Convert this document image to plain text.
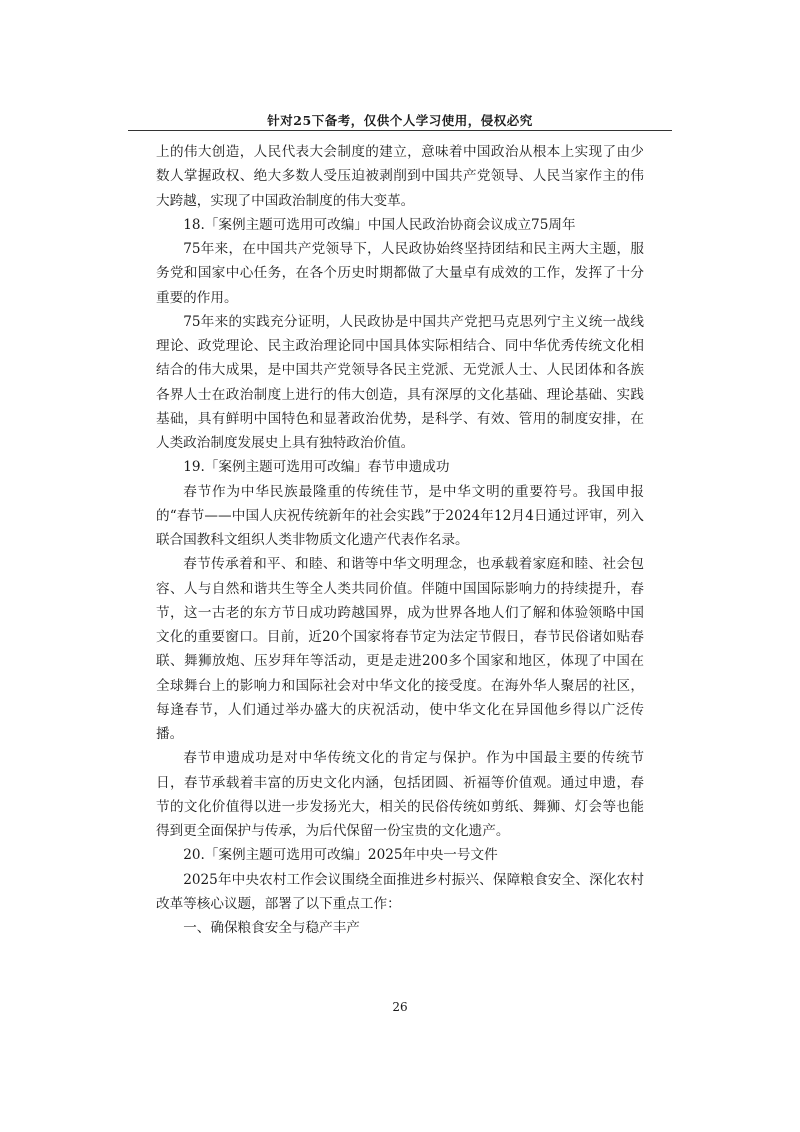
针对25下备考，仅供个人学习使用，侵权必究

上的伟大创造，人民代表大会制度的建立，意味着中国政治从根本上实现了由少数人掌握政权、绝大多数人受压迫被剥削到中国共产党领导、人民当家作主的伟大跨越，实现了中国政治制度的伟大变革。

18.「案例主题可选用可改编」中国人民政治协商会议成立75周年

75年来，在中国共产党领导下，人民政协始终坚持团结和民主两大主题，服务党和国家中心任务，在各个历史时期都做了大量卓有成效的工作，发挥了十分重要的作用。

75年来的实践充分证明，人民政协是中国共产党把马克思列宁主义统一战线理论、政党理论、民主政治理论同中国具体实际相结合、同中华优秀传统文化相结合的伟大成果，是中国共产党领导各民主党派、无党派人士、人民团体和各族各界人士在政治制度上进行的伟大创造，具有深厚的文化基础、理论基础、实践基础，具有鲜明中国特色和显著政治优势，是科学、有效、管用的制度安排，在人类政治制度发展史上具有独特政治价值。

19.「案例主题可选用可改编」春节申遗成功

春节作为中华民族最隆重的传统佳节，是中华文明的重要符号。我国申报的“春节——中国人庆祝传统新年的社会实践”于2024年12月4日通过评审，列入联合国教科文组织人类非物质文化遗产代表作名录。

春节传承着和平、和睦、和谐等中华文明理念，也承载着家庭和睦、社会包容、人与自然和谐共生等全人类共同价值。伴随中国国际影响力的持续提升，春节，这一古老的东方节日成功跨越国界，成为世界各地人们了解和体验领略中国文化的重要窗口。目前，近20个国家将春节定为法定节假日，春节民俗诸如贴春联、舞狮放炮、压岁拜年等活动，更是走进200多个国家和地区，体现了中国在全球舞台上的影响力和国际社会对中华文化的接受度。在海外华人聚居的社区，每逢春节，人们通过举办盛大的庆祝活动，使中华文化在异国他乡得以广泛传播。

春节申遗成功是对中华传统文化的肯定与保护。作为中国最主要的传统节日，春节承载着丰富的历史文化内涵，包括团圆、祈福等价值观。通过申遗，春节的文化价值得以进一步发扬光大，相关的民俗传统如剪纸、舞狮、灯会等也能得到更全面保护与传承，为后代保留一份宝贵的文化遗产。

20.「案例主题可选用可改编」2025年中央一号文件

2025年中央农村工作会议围绕全面推进乡村振兴、保障粮食安全、深化农村改革等核心议题，部署了以下重点工作：

一、确保粮食安全与稳产丰产

26
